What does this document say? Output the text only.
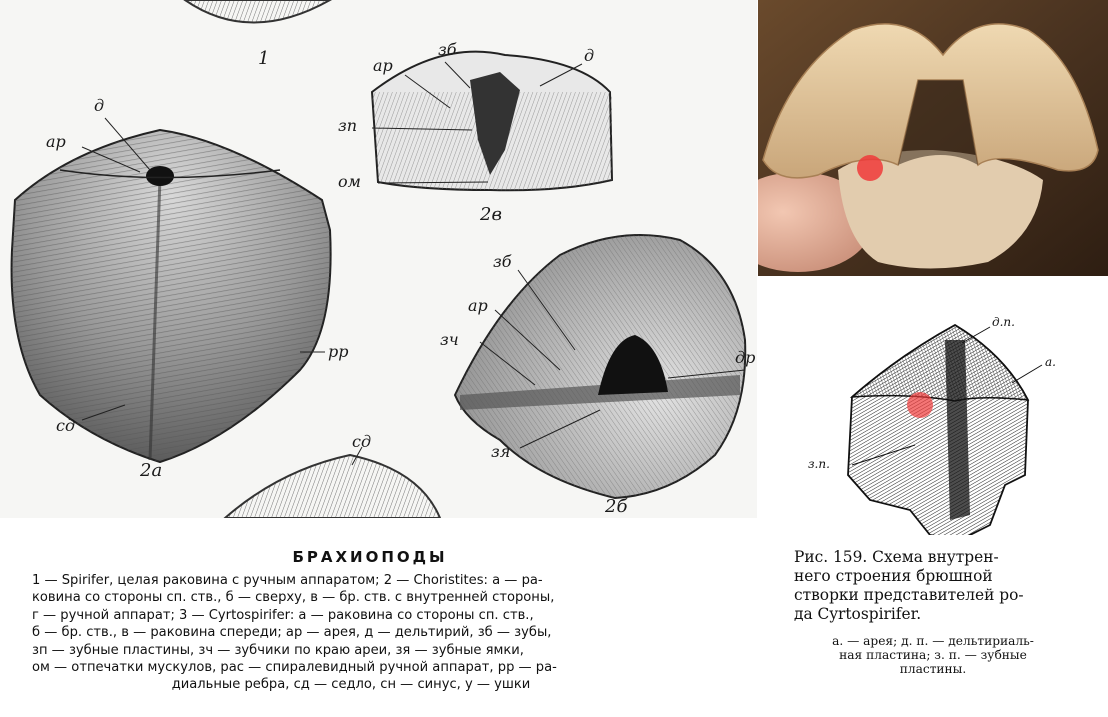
1
д
ар
рр
сд
2а
ар
зб	д
зп
ом
2в
зб
ар
зч
др
зя
2б
сд
д.п.
а.
з.п.
БРАХИОПОДЫ

1 — Spirifer, целая раковина с ручным аппаратом; 2 — Choristites: а — ра-

ковина со стороны сп. ств., б — сверху, в — бр. ств. с внутренней стороны,

г — ручной аппарат; 3 — Cyrtospirifer: а — раковина со стороны сп. ств.,

б — бр. ств., в — раковина спереди; ар — арея, д — дельтирий, зб — зубы,

зп — зубные пластины, зч — зубчики по краю ареи, зя — зубные ямки,

ом — отпечатки мускулов, рас — спиралевидный ручной аппарат, рр — ра-

диальные ребра, сд — седло, сн — синус, у — ушки

Рис. 159. Схема внутрен-

него строения брюшной

створки представителей ро-

да Cyrtospirifer.

а. — арея; д. п. — дельтириаль-

ная пластина; з. п. — зубные

пластины.
